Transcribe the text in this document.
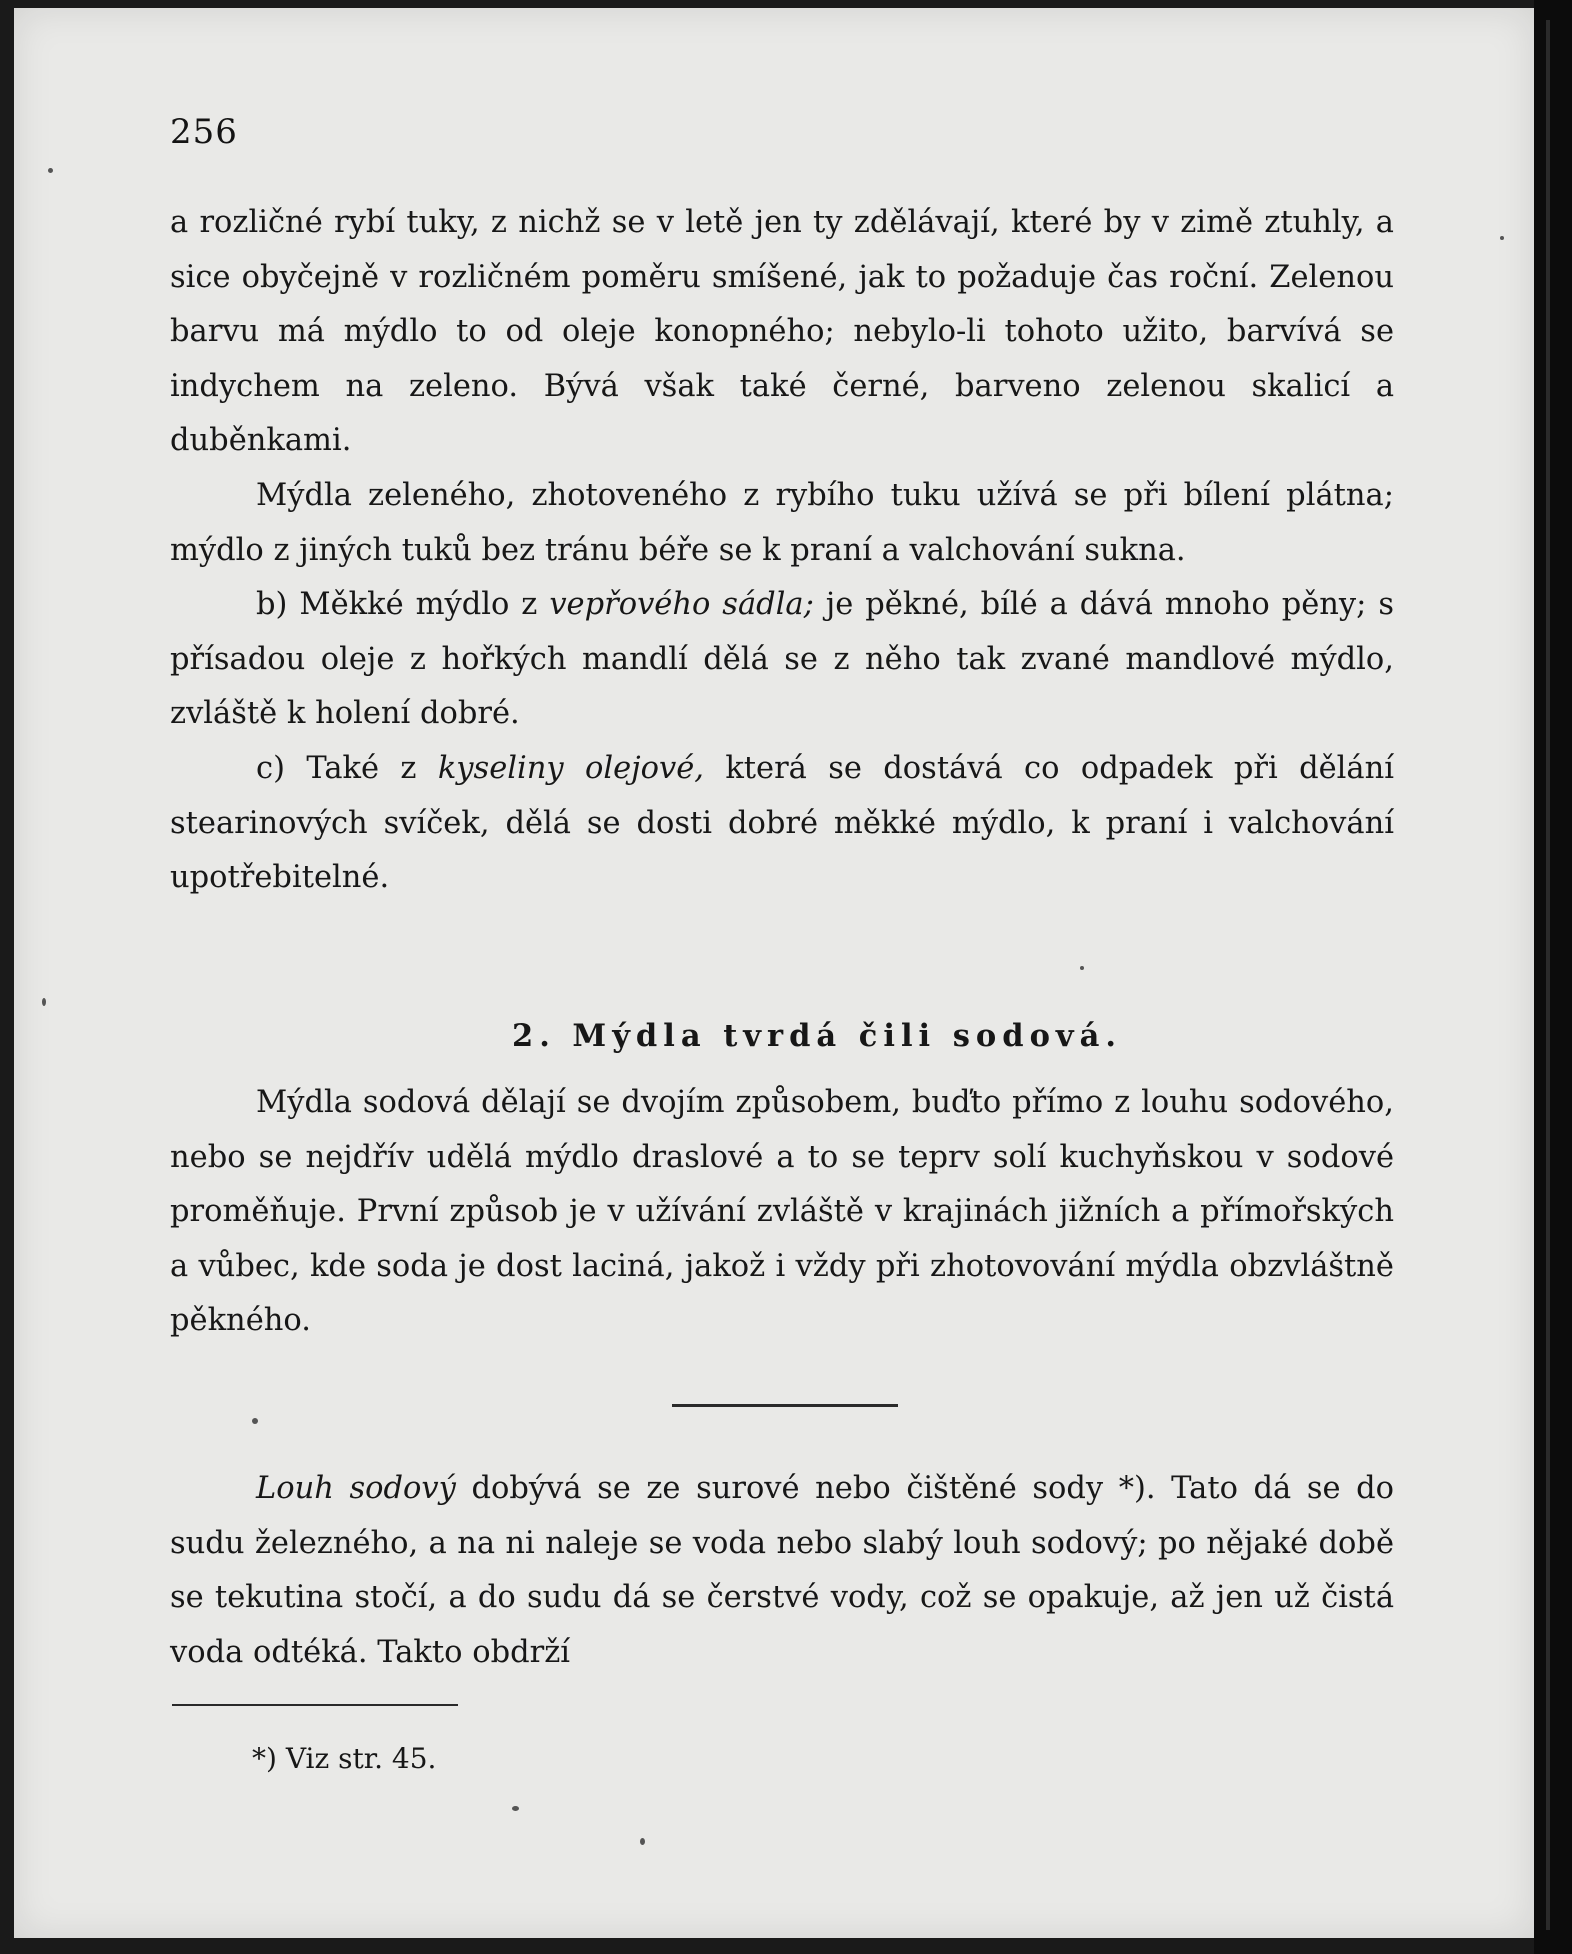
256

a rozličné rybí tuky, z nichž se v letě jen ty zdělávají, které by v zimě ztuhly, a sice obyčejně v rozličném poměru smíšené, jak to požaduje čas roční. Zelenou barvu má mýdlo to od oleje konopného; nebylo-li tohoto užito, barvívá se indychem na zeleno. Bývá však také černé, barveno zelenou skalicí a duběnkami.

Mýdla zeleného, zhotoveného z rybího tuku užívá se při bílení plátna; mýdlo z jiných tuků bez tránu béře se k praní a valchování sukna.

b) Měkké mýdlo z vepřového sádla; je pěkné, bílé a dává mnoho pěny; s přísadou oleje z hořkých mandlí dělá se z něho tak zvané mandlové mýdlo, zvláště k holení dobré.

c) Také z kyseliny olejové, která se dostává co odpadek při dělání stearinových svíček, dělá se dosti dobré měkké mýdlo, k praní i valchování upotřebitelné.

2. Mýdla tvrdá čili sodová.

Mýdla sodová dělají se dvojím způsobem, buďto přímo z louhu sodového, nebo se nejdřív udělá mýdlo draslové a to se teprv solí kuchyňskou v sodové proměňuje. První způsob je v užívání zvláště v krajinách jižních a přímořských a vůbec, kde soda je dost laciná, jakož i vždy při zhotovování mýdla obzvláštně pěkného.

Louh sodový dobývá se ze surové nebo čištěné sody *). Tato dá se do sudu železného, a na ni naleje se voda nebo slabý louh sodový; po nějaké době se tekutina stočí, a do sudu dá se čerstvé vody, což se opakuje, až jen už čistá voda odtéká. Takto obdrží

*) Viz str. 45.
